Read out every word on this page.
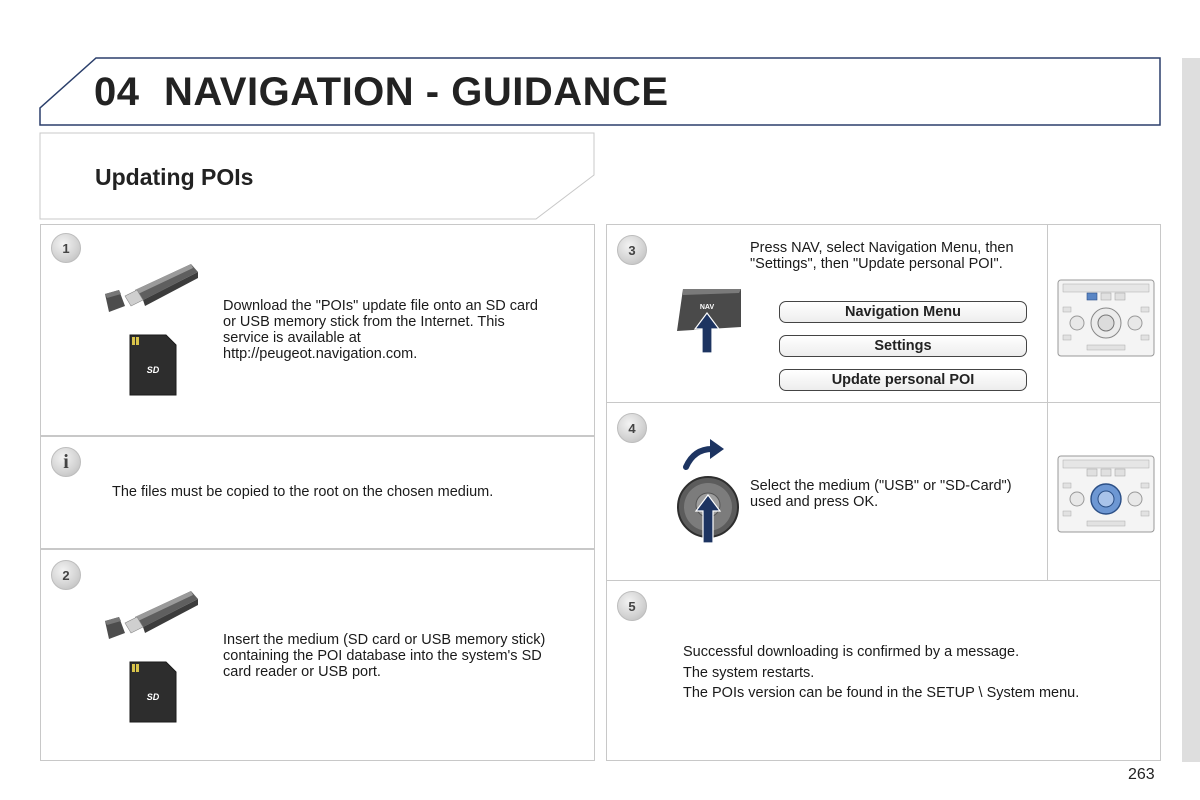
04 NAVIGATION - GUIDANCE
Updating POIs
1
SD
Download the "POIs" update file onto an SD card or USB memory stick from the Internet. This service is available at http://peugeot.navigation.com.
i
The files must be copied to the root on the chosen medium.
2
SD
Insert the medium (SD card or USB memory stick) containing the POI database into the system's SD card reader or USB port.
3
NAV
Press NAV, select Navigation Menu, then "Settings", then "Update personal POI".
Navigation Menu
Settings
Update personal POI
4
Select the medium ("USB" or "SD-Card") used and press OK.
5
Successful downloading is confirmed by a message.
The system restarts.
The POIs version can be found in the SETUP \ System menu.
263
